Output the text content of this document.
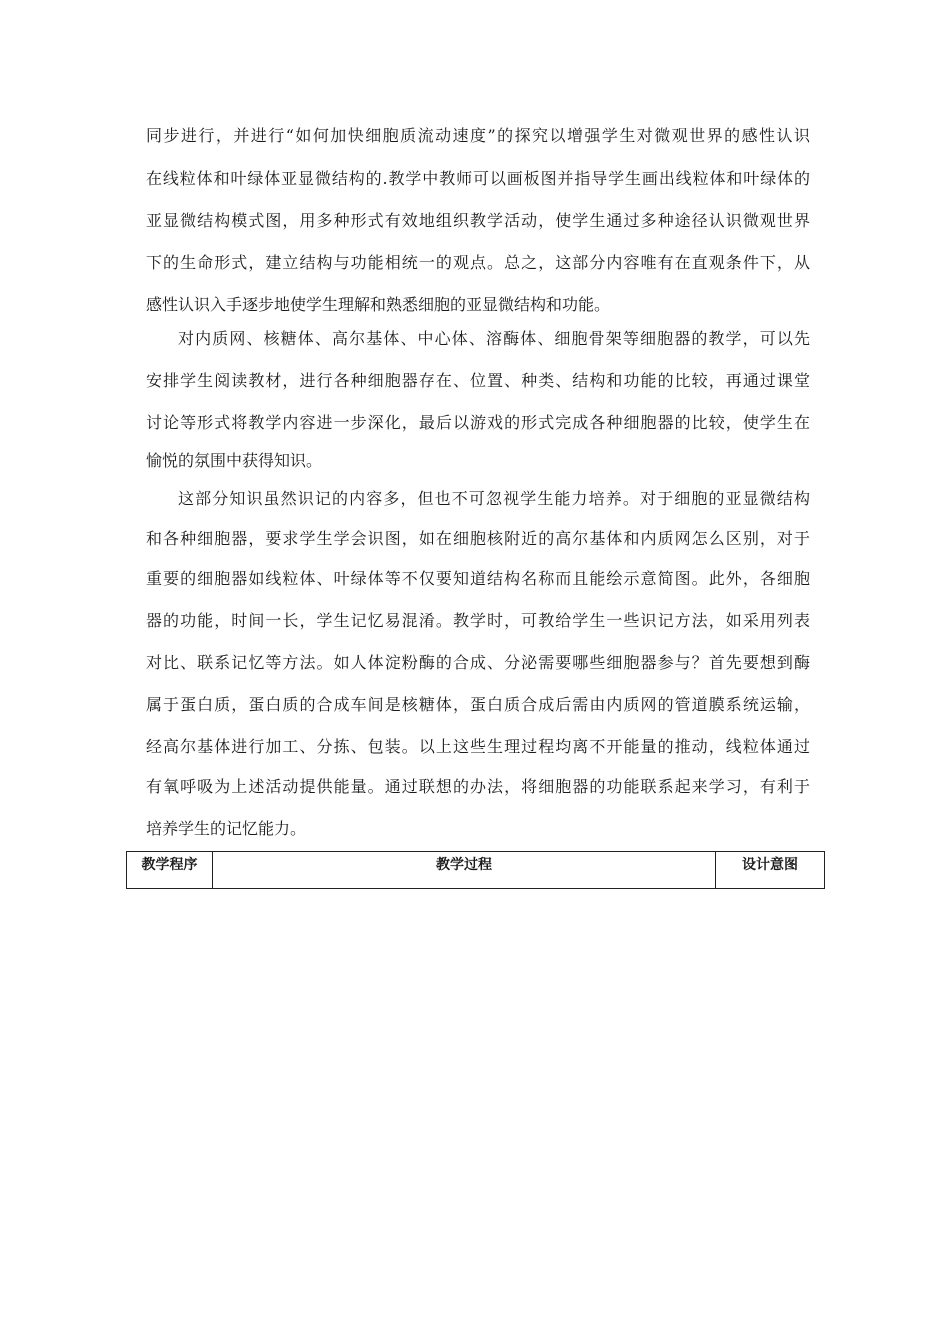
同步进行，并进行“如何加快细胞质流动速度”的探究以增强学生对微观世界的感性认识
在线粒体和叶绿体亚显微结构的.教学中教师可以画板图并指导学生画出线粒体和叶绿体的
亚显微结构模式图，用多种形式有效地组织教学活动，使学生通过多种途径认识微观世界
下的生命形式，建立结构与功能相统一的观点。总之，这部分内容唯有在直观条件下，从
感性认识入手逐步地使学生理解和熟悉细胞的亚显微结构和功能。
对内质网、核糖体、高尔基体、中心体、溶酶体、细胞骨架等细胞器的教学，可以先
安排学生阅读教材，进行各种细胞器存在、位置、种类、结构和功能的比较，再通过课堂
讨论等形式将教学内容进一步深化，最后以游戏的形式完成各种细胞器的比较，使学生在
愉悦的氛围中获得知识。
这部分知识虽然识记的内容多，但也不可忽视学生能力培养。对于细胞的亚显微结构
和各种细胞器，要求学生学会识图，如在细胞核附近的高尔基体和内质网怎么区别，对于
重要的细胞器如线粒体、叶绿体等不仅要知道结构名称而且能绘示意简图。此外，各细胞
器的功能，时间一长，学生记忆易混淆。教学时，可教给学生一些识记方法，如采用列表
对比、联系记忆等方法。如人体淀粉酶的合成、分泌需要哪些细胞器参与？首先要想到酶
属于蛋白质，蛋白质的合成车间是核糖体，蛋白质合成后需由内质网的管道膜系统运输，
经高尔基体进行加工、分拣、包装。以上这些生理过程均离不开能量的推动，线粒体通过
有氧呼吸为上述活动提供能量。通过联想的办法，将细胞器的功能联系起来学习，有利于
培养学生的记忆能力。
教学程序	教学过程	设计意图
